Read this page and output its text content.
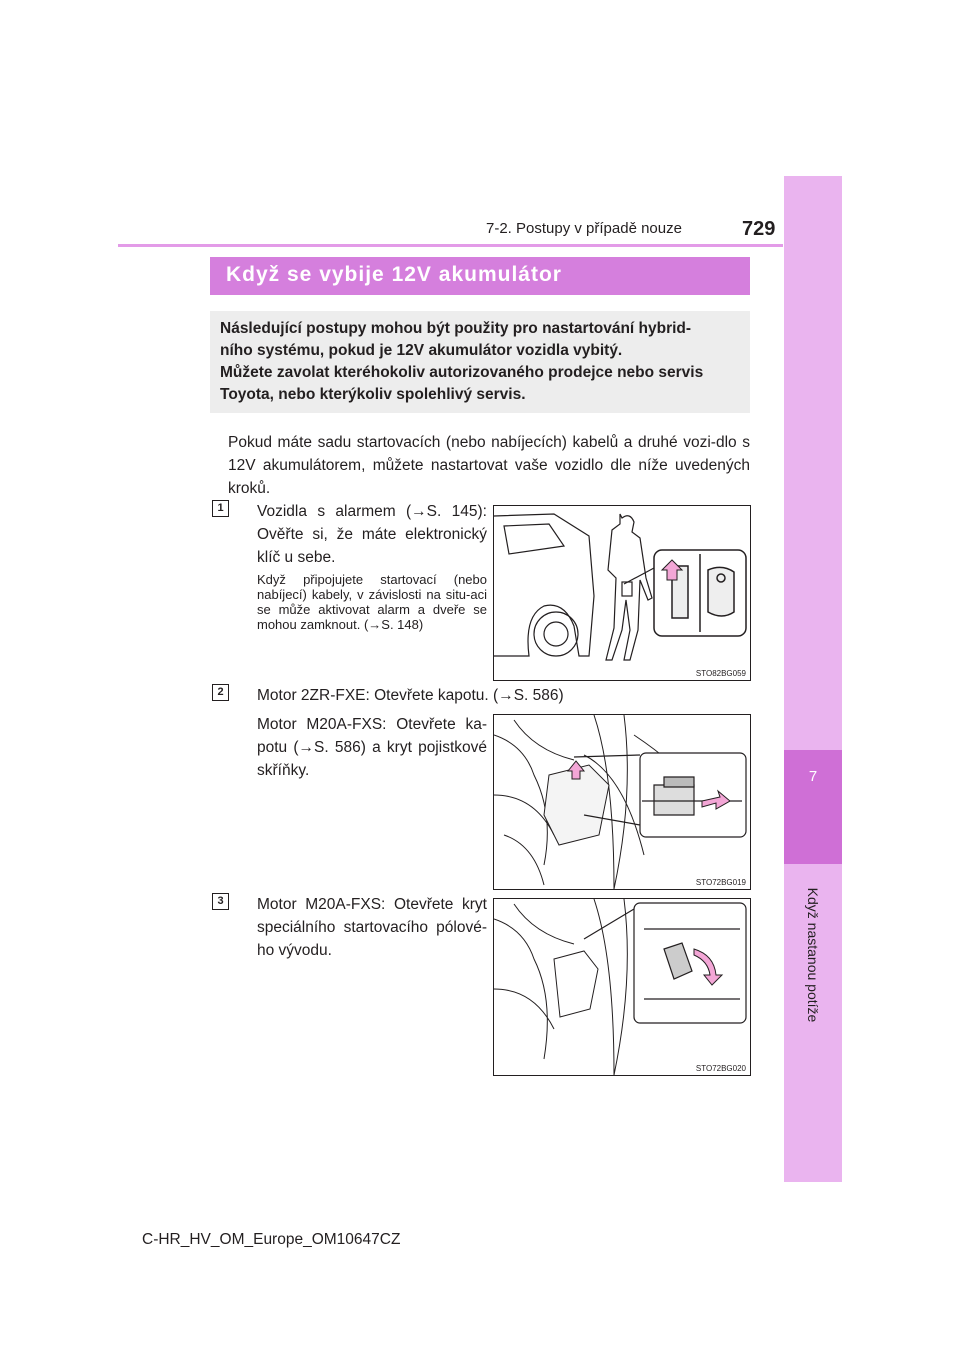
7
Když nastanou potíže
7-2. Postupy v případě nouze	729
Když se vybije 12V akumulátor

Následující postupy mohou být použity pro nastartování hybrid-

ního systému, pokud je 12V akumulátor vozidla vybitý.

Můžete zavolat kteréhokoliv autorizovaného prodejce nebo servis

Toyota, nebo kterýkoliv spolehlivý servis.

Pokud máte sadu startovacích (nebo nabíjecích) kabelů a druhé vozi-dlo s 12V akumulátorem, můžete nastartovat vaše vozidlo dle níže uvedených kroků.
1	Vozidla s alarmem (→S. 145): Ověřte si, že máte elektronický klíč u sebe.
Když připojujete startovací (nebo nabíjecí) kabely, v závislosti na situ-aci se může aktivovat alarm a dveře se mohou zamknout. (→S. 148)
STO82BG059
2	Motor 2ZR-FXE: Otevřete kapotu. (→S. 586)
Motor M20A-FXS: Otevřete ka-potu (→S. 586) a kryt pojistkové skříňky.
STO72BG019
3	Motor M20A-FXS: Otevřete kryt speciálního startovacího pólové-ho vývodu.
STO72BG020
C-HR_HV_OM_Europe_OM10647CZ
